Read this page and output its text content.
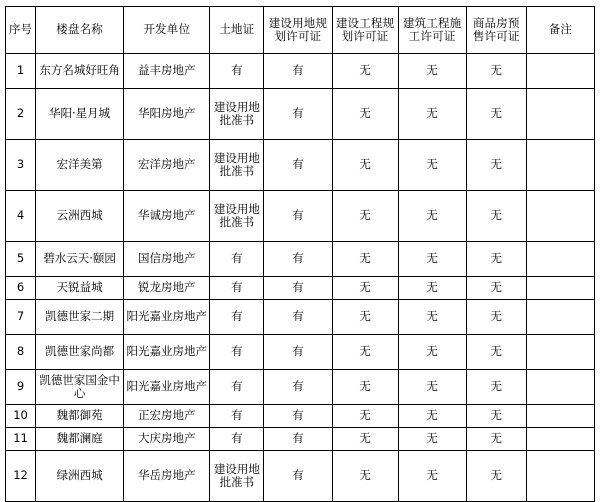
序号	楼盘名称	开发单位	土地证	建设用地规划许可证	建设工程规划许可证	建筑工程施工许可证	商品房预售许可证	备注
1	东方名城好旺角	益丰房地产	有	有	无	无	无	
2	华阳·星月城	华阳房地产	建设用地批准书	有	无	无	无	
3	宏洋美第	宏洋房地产	建设用地批准书	有	无	无	无	
4	云洲西城	华诚房地产	建设用地批准书	有	无	无	无	
5	碧水云天·颐园	国信房地产	有	有	无	无	无	
6	天锐益城	锐龙房地产	有	有	无	无	无	
7	凯德世家二期	阳光嘉业房地产	有	有	无	无	无	
8	凯德世家尚都	阳光嘉业房地产	有	有	无	无	无	
9	凯德世家国金中心	阳光嘉业房地产	有	有	无	无	无	
10	魏都御苑	正宏房地产	有	有	无	无	无	
11	魏都澜庭	大庆房地产	有	有	无	无	无	
12	绿洲西城	华岳房地产	建设用地批准书	有	无	无	无	
